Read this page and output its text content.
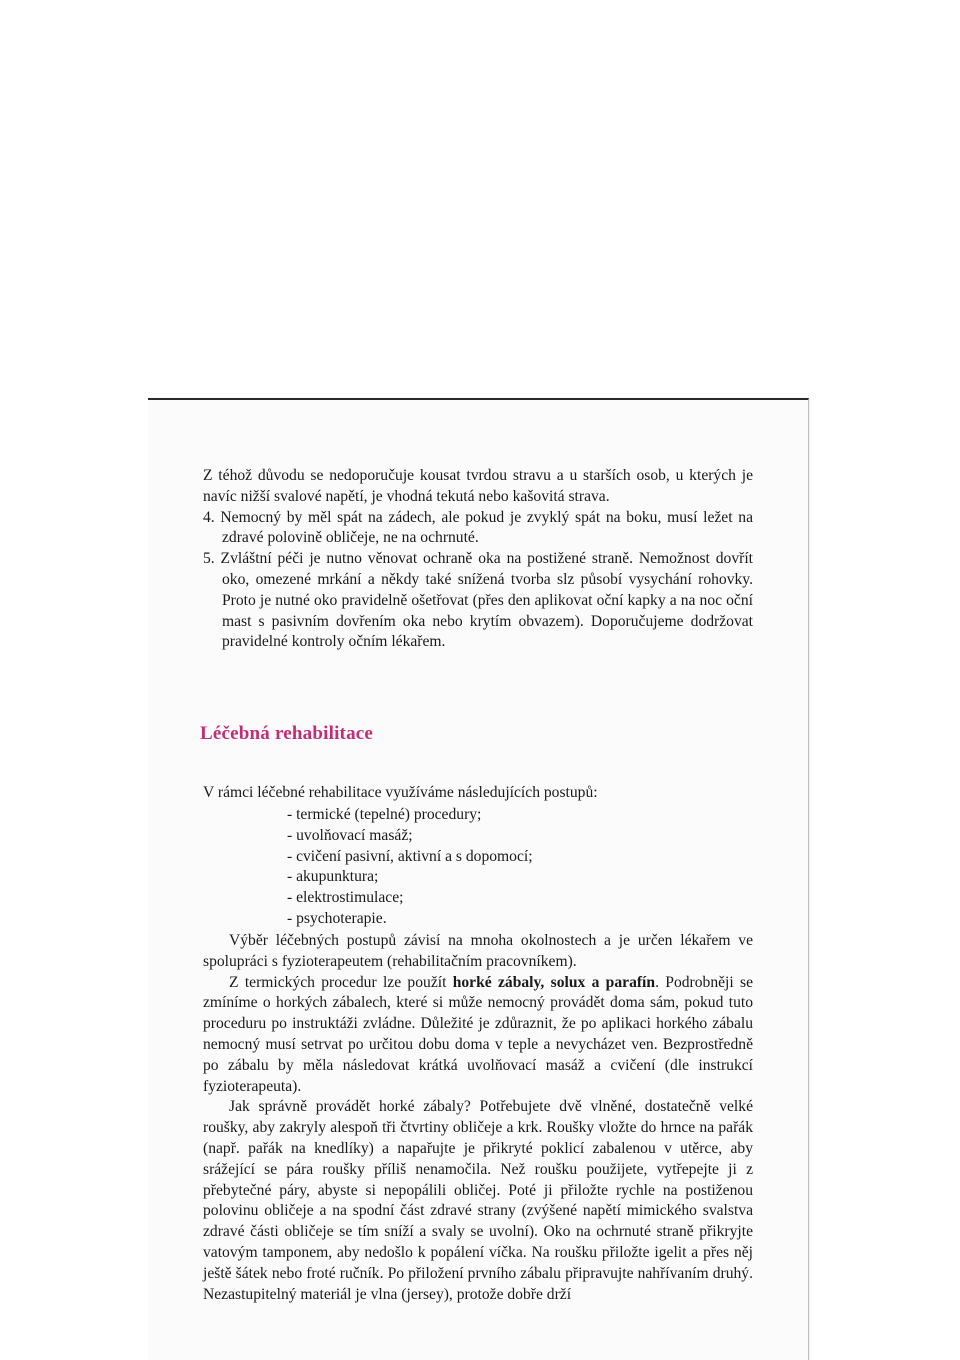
Z téhož důvodu se nedoporučuje kousat tvrdou stravu a u starších osob, u kterých je navíc nižší svalové napětí, je vhodná tekutá nebo kašovitá strava.

4. Nemocný by měl spát na zádech, ale pokud je zvyklý spát na boku, musí ležet na zdravé polovině obličeje, ne na ochrnuté.

5. Zvláštní péči je nutno věnovat ochraně oka na postižené straně. Nemožnost dovřít oko, omezené mrkání a někdy také snížená tvorba slz působí vysychání rohovky. Proto je nutné oko pravidelně ošetřovat (přes den aplikovat oční kapky a na noc oční mast s pasivním dovřením oka nebo krytím obvazem). Doporučujeme dodržovat pravidelné kontroly očním lékařem.

Léčebná rehabilitace

V rámci léčebné rehabilitace využíváme následujících postupů:

- termické (tepelné) procedury;
- uvolňovací masáž;
- cvičení pasivní, aktivní a s dopomocí;
- akupunktura;
- elektrostimulace;
- psychoterapie.

Výběr léčebných postupů závisí na mnoha okolnostech a je určen lékařem ve spolupráci s fyzioterapeutem (rehabilitačním pracovníkem).

Z termických procedur lze použít horké zábaly, solux a parafín. Podrobněji se zmíníme o horkých zábalech, které si může nemocný provádět doma sám, pokud tuto proceduru po instruktáži zvládne. Důležité je zdůraznit, že po aplikaci horkého zábalu nemocný musí setrvat po určitou dobu doma v teple a nevycházet ven. Bezprostředně po zábalu by měla následovat krátká uvolňovací masáž a cvičení (dle instrukcí fyzioterapeuta).

Jak správně provádět horké zábaly? Potřebujete dvě vlněné, dostatečně velké roušky, aby zakryly alespoň tři čtvrtiny obličeje a krk. Roušky vložte do hrnce na pařák (např. pařák na knedlíky) a napařujte je přikryté poklicí zabalenou v utěrce, aby srážející se pára roušky příliš nenamočila. Než roušku použijete, vytřepejte ji z přebytečné páry, abyste si nepopálili obličej. Poté ji přiložte rychle na postiženou polovinu obličeje a na spodní část zdravé strany (zvýšené napětí mimického svalstva zdravé části obličeje se tím sníží a svaly se uvolní). Oko na ochrnuté straně přikryjte vatovým tamponem, aby nedošlo k popálení víčka. Na roušku přiložte igelit a přes něj ještě šátek nebo froté ručník. Po přiložení prvního zábalu připravujte nahřívaním druhý. Nezastupitelný materiál je vlna (jersey), protože dobře drží
